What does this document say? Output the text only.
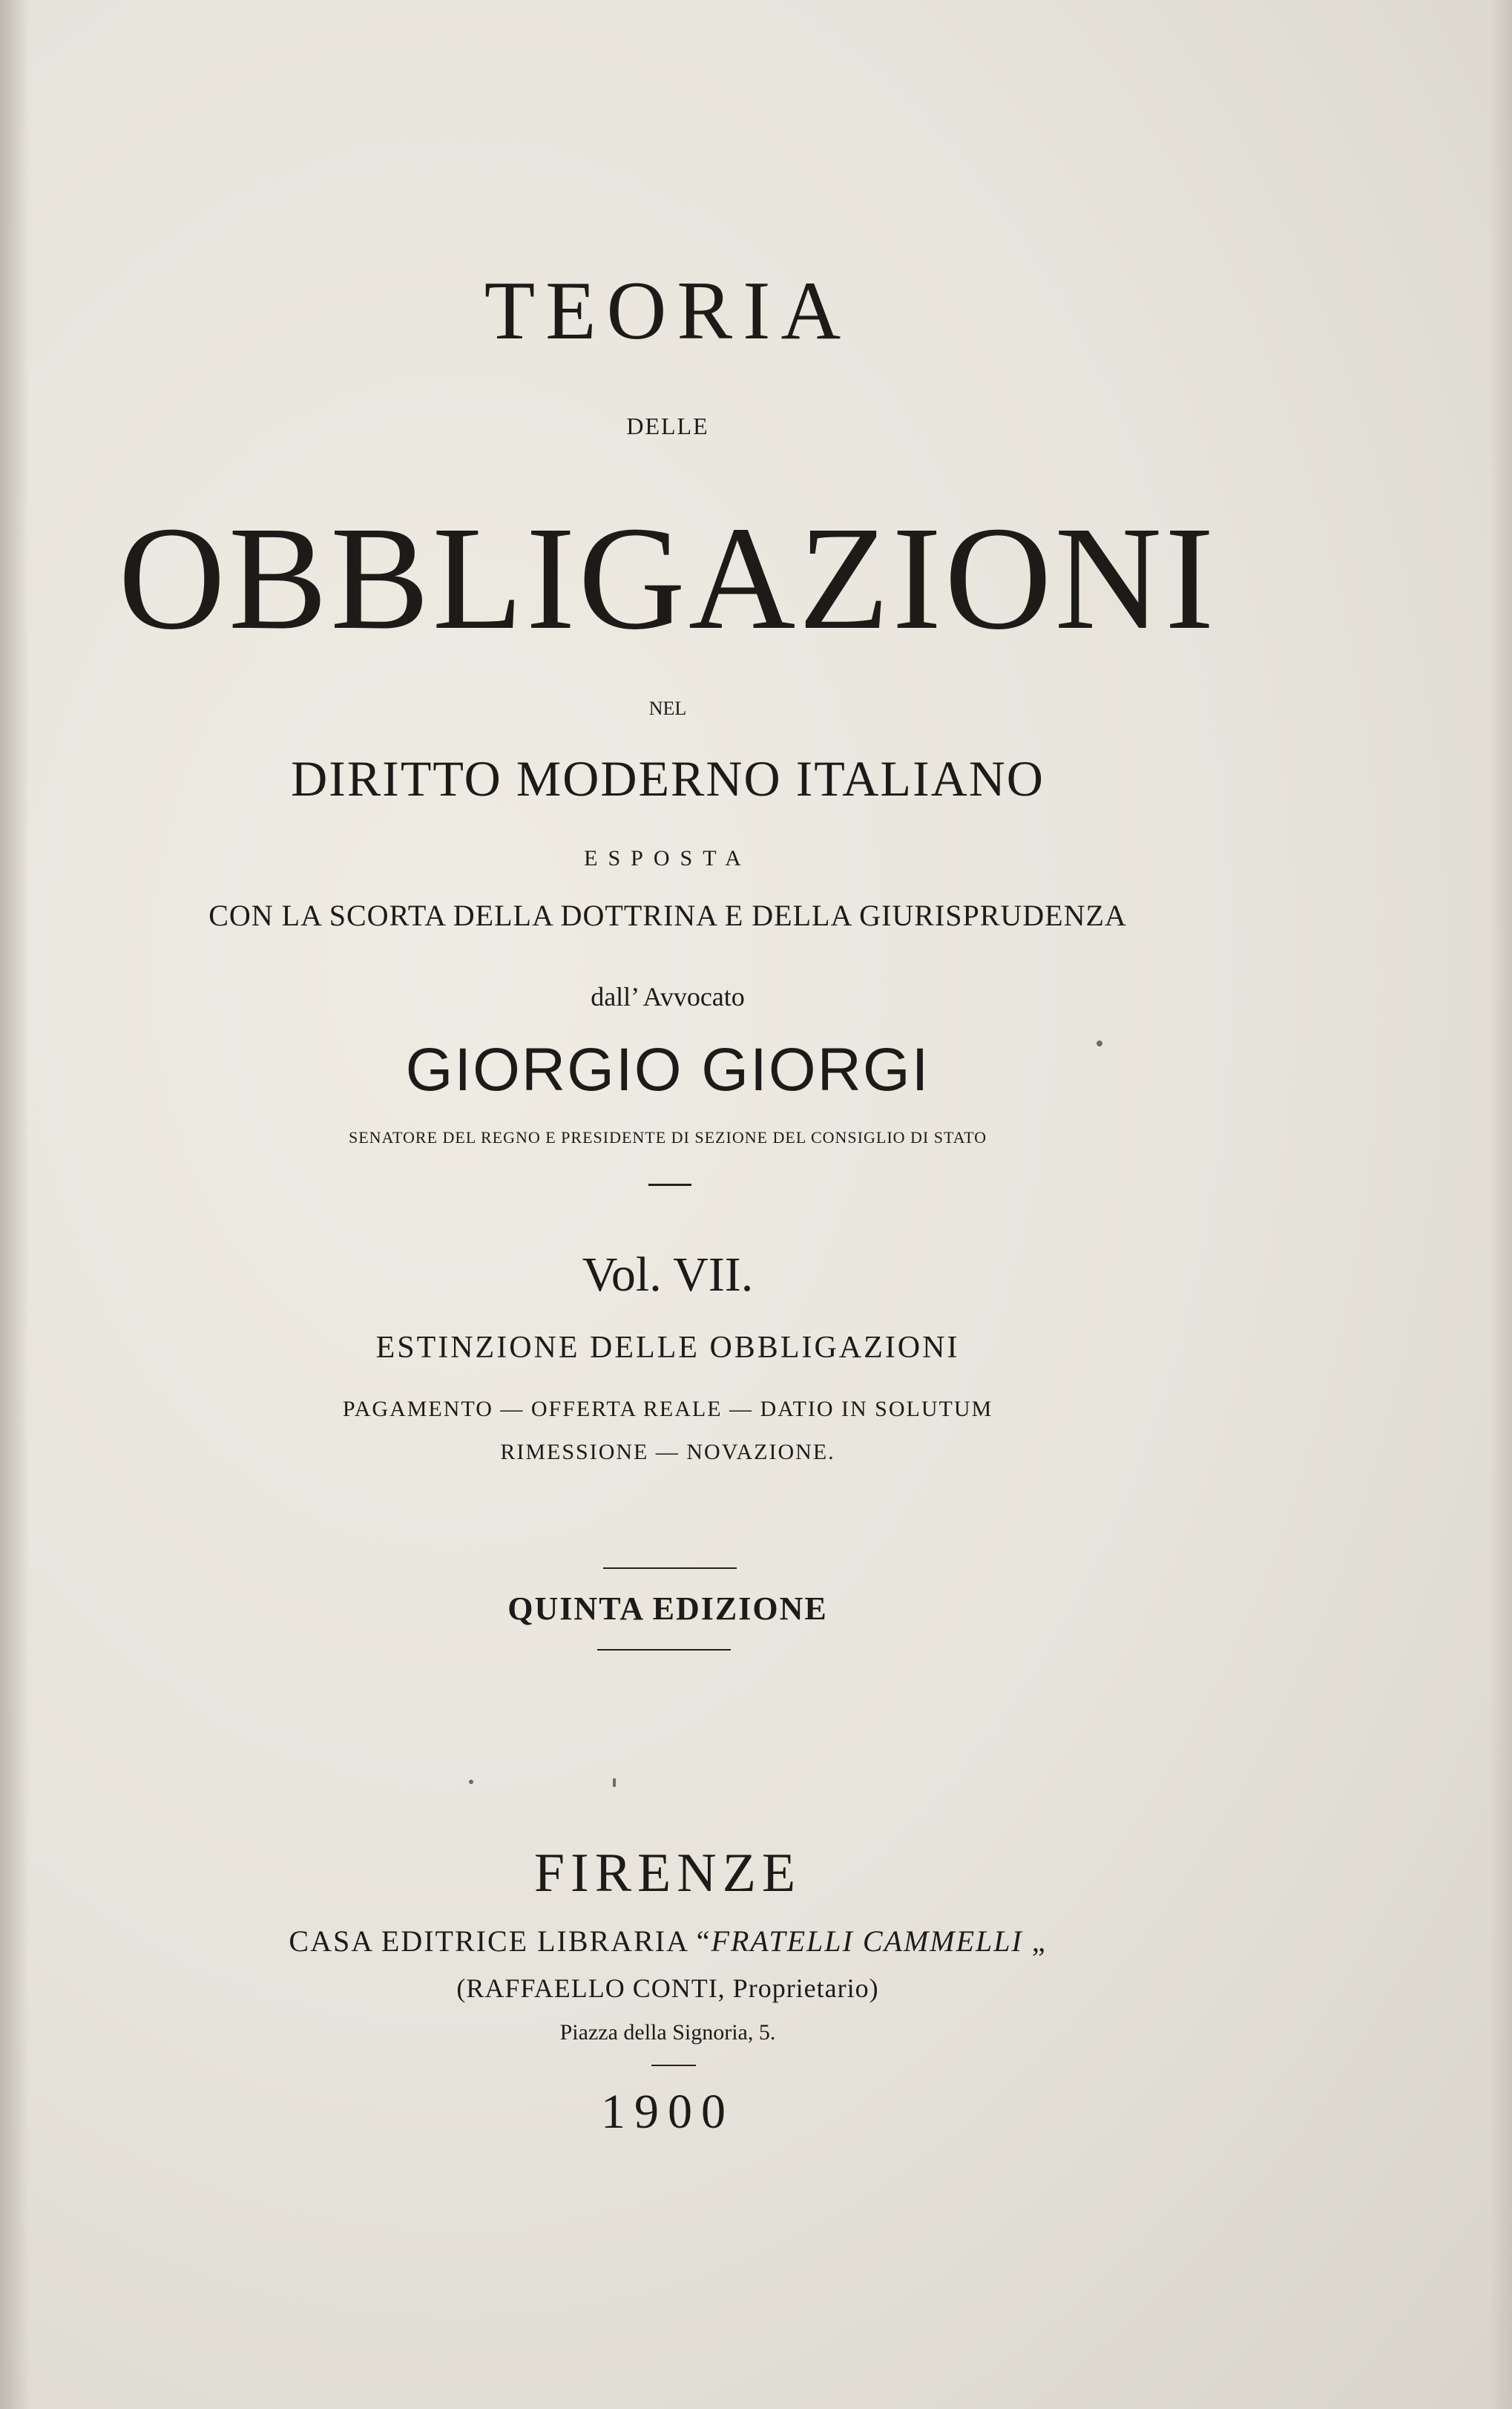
TEORIA
DELLE
OBBLIGAZIONI
NEL
DIRITTO MODERNO ITALIANO
ESPOSTA
CON LA SCORTA DELLA DOTTRINA E DELLA GIURISPRUDENZA
dall’ Avvocato
GIORGIO GIORGI
SENATORE DEL REGNO E PRESIDENTE DI SEZIONE DEL CONSIGLIO DI STATO
Vol. VII.
ESTINZIONE DELLE OBBLIGAZIONI
PAGAMENTO — OFFERTA REALE — DATIO IN SOLUTUM
RIMESSIONE — NOVAZIONE.
QUINTA EDIZIONE
FIRENZE
CASA EDITRICE LIBRARIA “FRATELLI CAMMELLI „
(RAFFAELLO CONTI, Proprietario)
Piazza della Signoria, 5.
1900
